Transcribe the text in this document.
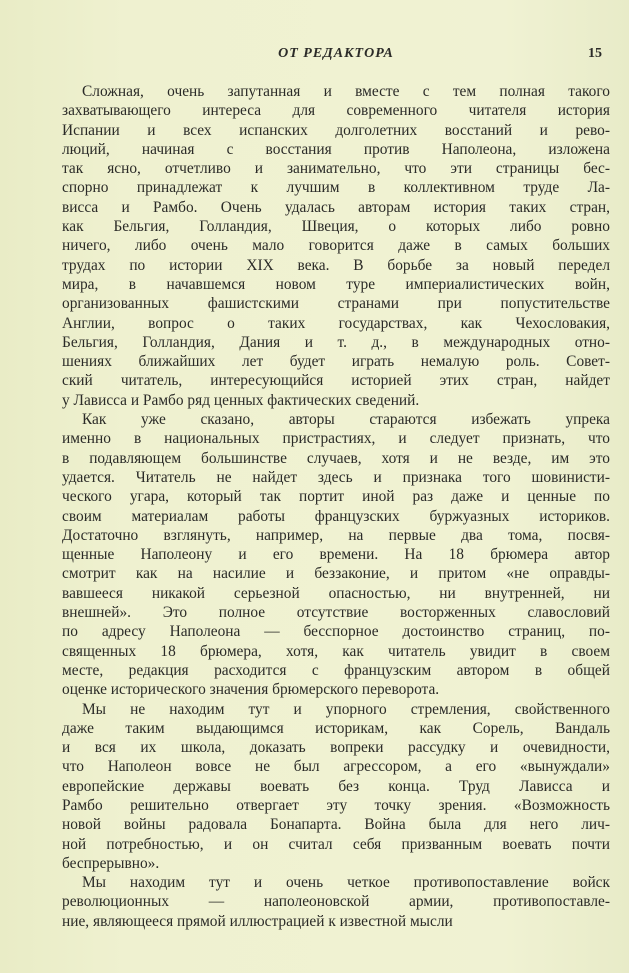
ОТ РЕДАКТОРА	15
Сложная, очень запутанная и вместе с тем полная такого
захватывающего интереса для современного читателя история
Испании и всех испанских долголетних восстаний и рево-
люций, начиная с восстания против Наполеона, изложена
так ясно, отчетливо и занимательно, что эти страницы бес-
спорно принадлежат к лучшим в коллективном труде Ла-
висса и Рамбо. Очень удалась авторам история таких стран,
как Бельгия, Голландия, Швеция, о которых либо ровно
ничего, либо очень мало говорится даже в самых больших
трудах по истории XIX века. В борьбе за новый передел
мира, в начавшемся новом туре империалистических войн,
организованных фашистскими странами при попустительстве
Англии, вопрос о таких государствах, как Чехословакия,
Бельгия, Голландия, Дания и т. д., в международных отно-
шениях ближайших лет будет играть немалую роль. Совет-
ский читатель, интересующийся историей этих стран, найдет
у Лависса и Рамбо ряд ценных фактических сведений.
Как уже сказано, авторы стараются избежать упрека
именно в национальных пристрастиях, и следует признать, что
в подавляющем большинстве случаев, хотя и не везде, им это
удается. Читатель не найдет здесь и признака того шовинисти-
ческого угара, который так портит иной раз даже и ценные по
своим материалам работы французских буржуазных историков.
Достаточно взглянуть, например, на первые два тома, посвя-
щенные Наполеону и его времени. На 18 брюмера автор
смотрит как на насилие и беззаконие, и притом «не оправды-
вавшееся никакой серьезной опасностью, ни внутренней, ни
внешней». Это полное отсутствие восторженных славословий
по адресу Наполеона — бесспорное достоинство страниц, по-
священных 18 брюмера, хотя, как читатель увидит в своем
месте, редакция расходится с французским автором в общей
оценке исторического значения брюмерского переворота.
Мы не находим тут и упорного стремления, свойственного
даже таким выдающимся историкам, как Сорель, Вандаль
и вся их школа, доказать вопреки рассудку и очевидности,
что Наполеон вовсе не был агрессором, а его «вынуждали»
европейские державы воевать без конца. Труд Лависса и
Рамбо решительно отвергает эту точку зрения. «Возможность
новой войны радовала Бонапарта. Война была для него лич-
ной потребностью, и он считал себя призванным воевать почти
беспрерывно».
Мы находим тут и очень четкое противопоставление войск
революционных — наполеоновской армии, противопоставле-
ние, являющееся прямой иллюстрацией к известной мысли
